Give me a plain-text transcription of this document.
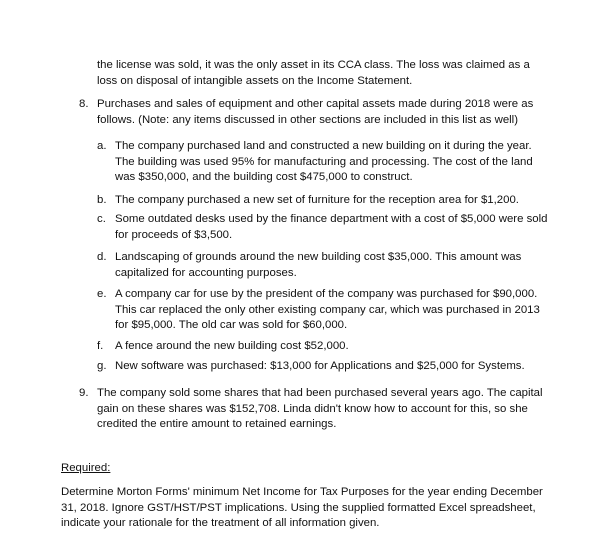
the license was sold, it was the only asset in its CCA class. The loss was claimed as a loss on disposal of intangible assets on the Income Statement.

8. Purchases and sales of equipment and other capital assets made during 2018 were as follows. (Note: any items discussed in other sections are included in this list as well)
a. The company purchased land and constructed a new building on it during the year. The building was used 95% for manufacturing and processing. The cost of the land was $350,000, and the building cost $475,000 to construct.
b. The company purchased a new set of furniture for the reception area for $1,200.
c. Some outdated desks used by the finance department with a cost of $5,000 were sold for proceeds of $3,500.
d. Landscaping of grounds around the new building cost $35,000. This amount was capitalized for accounting purposes.
e. A company car for use by the president of the company was purchased for $90,000. This car replaced the only other existing company car, which was purchased in 2013 for $95,000. The old car was sold for $60,000.
f. A fence around the new building cost $52,000.
g. New software was purchased: $13,000 for Applications and $25,000 for Systems.
9. The company sold some shares that had been purchased several years ago. The capital gain on these shares was $152,708. Linda didn't know how to account for this, so she credited the entire amount to retained earnings.
Required:

Determine Morton Forms' minimum Net Income for Tax Purposes for the year ending December 31, 2018. Ignore GST/HST/PST implications. Using the supplied formatted Excel spreadsheet, indicate your rationale for the treatment of all information given.
